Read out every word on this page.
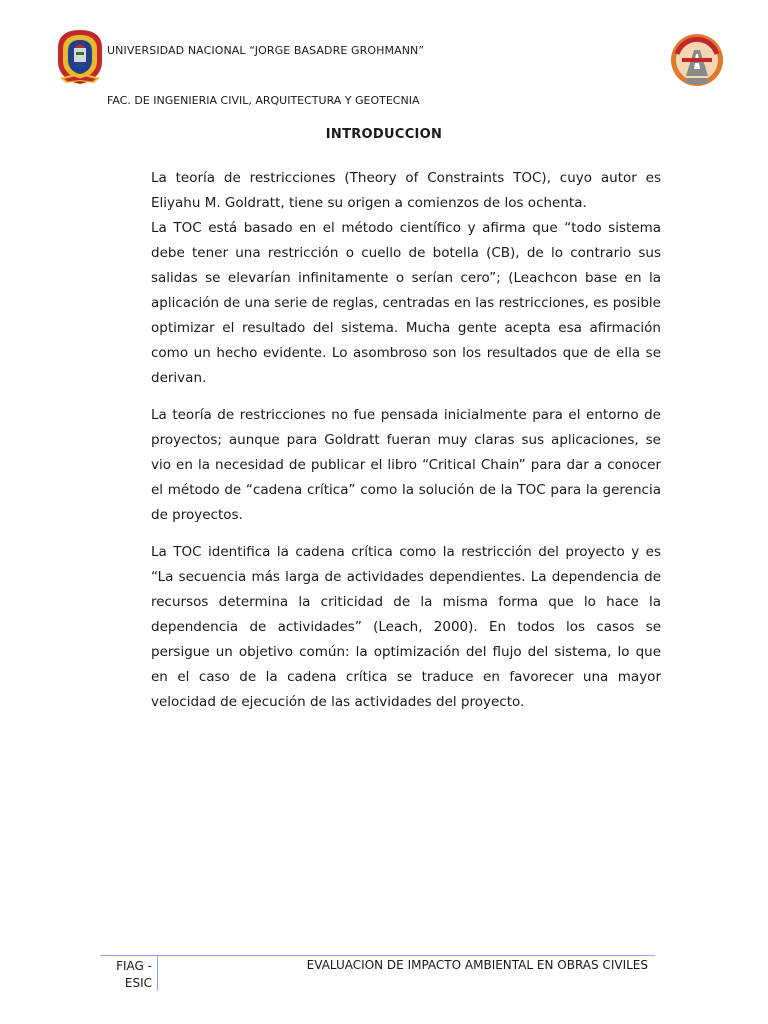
UNIVERSIDAD NACIONAL “JORGE BASADRE GROHMANN”
FAC. DE INGENIERIA CIVIL, ARQUITECTURA Y GEOTECNIA
INTRODUCCION

La teoría de restricciones (Theory of Constraints TOC), cuyo autor es Eliyahu M. Goldratt, tiene su origen a comienzos de los ochenta.

La TOC está basado en el método científico y afirma que “todo sistema debe tener una restricción o cuello de botella (CB), de lo contrario sus salidas se elevarían infinitamente o serían cero”; (Leachcon base en la aplicación de una serie de reglas, centradas en las restricciones, es posible optimizar el resultado del sistema. Mucha gente acepta esa afirmación como un hecho evidente. Lo asombroso son los resultados que de ella se derivan.

La teoría de restricciones no fue pensada inicialmente para el entorno de proyectos; aunque para Goldratt fueran muy claras sus aplicaciones, se vio en la necesidad de publicar el libro “Critical Chain” para dar a conocer el método de “cadena crítica” como la solución de la TOC para la gerencia de proyectos.

La TOC identifica la cadena crítica como la restricción del proyecto y es “La secuencia más larga de actividades dependientes. La dependencia de recursos determina la criticidad de la misma forma que lo hace la dependencia de actividades” (Leach, 2000). En todos los casos se persigue un objetivo común: la optimización del flujo del sistema, lo que en el caso de la cadena crítica se traduce en favorecer una mayor velocidad de ejecución de las actividades del proyecto.

FIAG -
ESIC
EVALUACION DE IMPACTO AMBIENTAL EN OBRAS CIVILES
